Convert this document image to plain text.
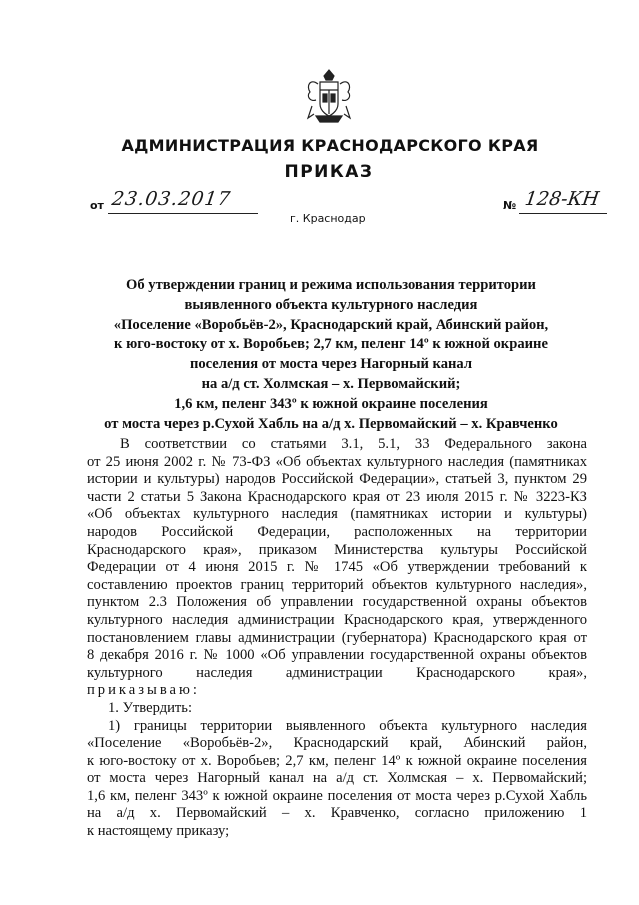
АДМИНИСТРАЦИЯ КРАСНОДАРСКОГО КРАЯ
ПРИКАЗ
от 23.03.2017
г. Краснодар
№ 128-КН
Об утверждении границ и режима использования территории
выявленного объекта культурного наследия
«Поселение «Воробьёв-2», Краснодарский край, Абинский район,
к юго-востоку от х. Воробьев; 2,7 км, пеленг 14º к южной окраине
поселения от моста через Нагорный канал
на а/д ст. Холмская – х. Первомайский;
1,6 км, пеленг 343º к южной окраине поселения
от моста через р.Сухой Хабль на а/д х. Первомайский – х. Кравченко
В соответствии со статьями 3.1, 5.1, 33 Федерального закона
от 25 июня 2002 г. № 73-ФЗ «Об объектах культурного наследия (памятниках
истории и культуры) народов Российской Федерации», статьей 3, пунктом 29
части 2 статьи 5 Закона Краснодарского края от 23 июля 2015 г. № 3223-КЗ
«Об объектах культурного наследия (памятниках истории и культуры)
народов Российской Федерации, расположенных на территории
Краснодарского края», приказом Министерства культуры Российской
Федерации от 4 июня 2015 г. № 1745 «Об утверждении требований к
составлению проектов границ территорий объектов культурного наследия»,
пунктом 2.3 Положения об управлении государственной охраны объектов
культурного наследия администрации Краснодарского края, утвержденного
постановлением главы администрации (губернатора) Краснодарского края от
8 декабря 2016 г. № 1000 «Об управлении государственной охраны объектов
культурного наследия администрации Краснодарского края»,
приказываю:
1. Утвердить:
1) границы территории выявленного объекта культурного наследия
«Поселение «Воробьёв-2», Краснодарский край, Абинский район,
к юго-востоку от х. Воробьев; 2,7 км, пеленг 14º к южной окраине поселения
от моста через Нагорный канал на а/д ст. Холмская – х. Первомайский;
1,6 км, пеленг 343º к южной окраине поселения от моста через р.Сухой Хабль
на а/д х. Первомайский – х. Кравченко, согласно приложению 1
к настоящему приказу;
